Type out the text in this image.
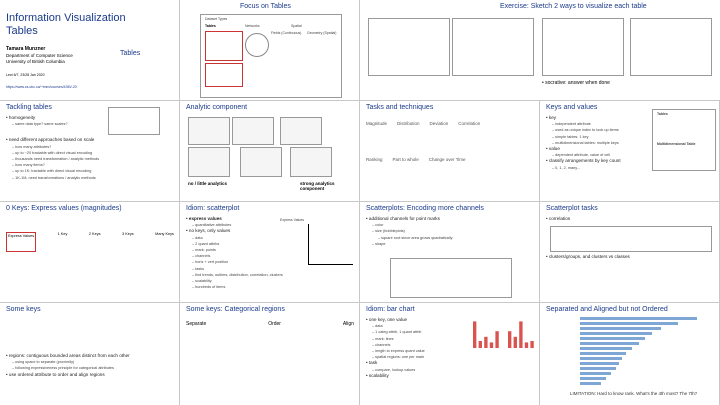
Information Visualization
Tables
Tables
Tamara Munzner
Department of Computer Science
University of British Columbia
Lect 6/7, 23/28 Jan 2020
https://www.cs.ubc.ca/~tmm/courses/436V-20
Focus on Tables
Dataset Types
Tables	Networks	Spatial
Fields (Continuous) Geometry (Spatial)
Exercise: Sketch 2 ways to visualize each table
• socrative: answer when done
Tackling tables
• homogeneity
– same data type? same scales?
• need different approaches based on scale
– how many attributes?
– up to ~20 tractable with direct visual encoding
– thousands need transformation / analytic methods
– how many items?
– up to 1K: tractable with direct visual encoding
– 1K-1M, need transformations / analytic methods
Analytic component
no / little analytics	strong analytics component
Tasks and techniques
Magnitude Distribution Deviation Correlation
Ranking Part to whole Change over Time
Keys and values
• key
– independent attribute
– used as unique index to look up items
– simple tables: 1 key
– multidimensional tables: multiple keys
• value
– dependent attribute, value of cell
• classify arrangements by key count
– 0, 1, 2, many...
Tables
Multidimensional Table
0 Keys: Express values (magnitudes)
Express Values	1 Key	2 Keys	3 Keys	Many Keys
Idiom: scatterplot
• express values
– quantitative attributes
• no keys, only values
– data
– 2 quant attribs
– mark: points
– channels
– horiz + vert position
– tasks
– find trends, outliers, distribution, correlation, clusters
– scalability
– hundreds of items
Express Values
Scatterplots: Encoding more channels
• additional channels for point marks
– color
– size (bubbleplots)
– square root since area grows quadratically
– shape
Scatterplot tasks
• correlation
• clusters/groups, and clusters vs classes
Some keys
• regions: contiguous bounded areas distinct from each other
– using space to separate (proximity)
– following expressiveness principle for categorical attributes
• use ordered attribute to order and align regions
Some keys: Categorical regions
Separate	Order	Align
Idiom: bar chart
• one key, one value
– data
– 1 categ attrib, 1 quant attrib
– mark: lines
– channels
– length to express quant value
– spatial regions: one per mark
• task
– compare, lookup values
• scalability
Separated and Aligned but not Ordered
LIMITATION: Hard to know rank. What's the 4th most? The 7th?
